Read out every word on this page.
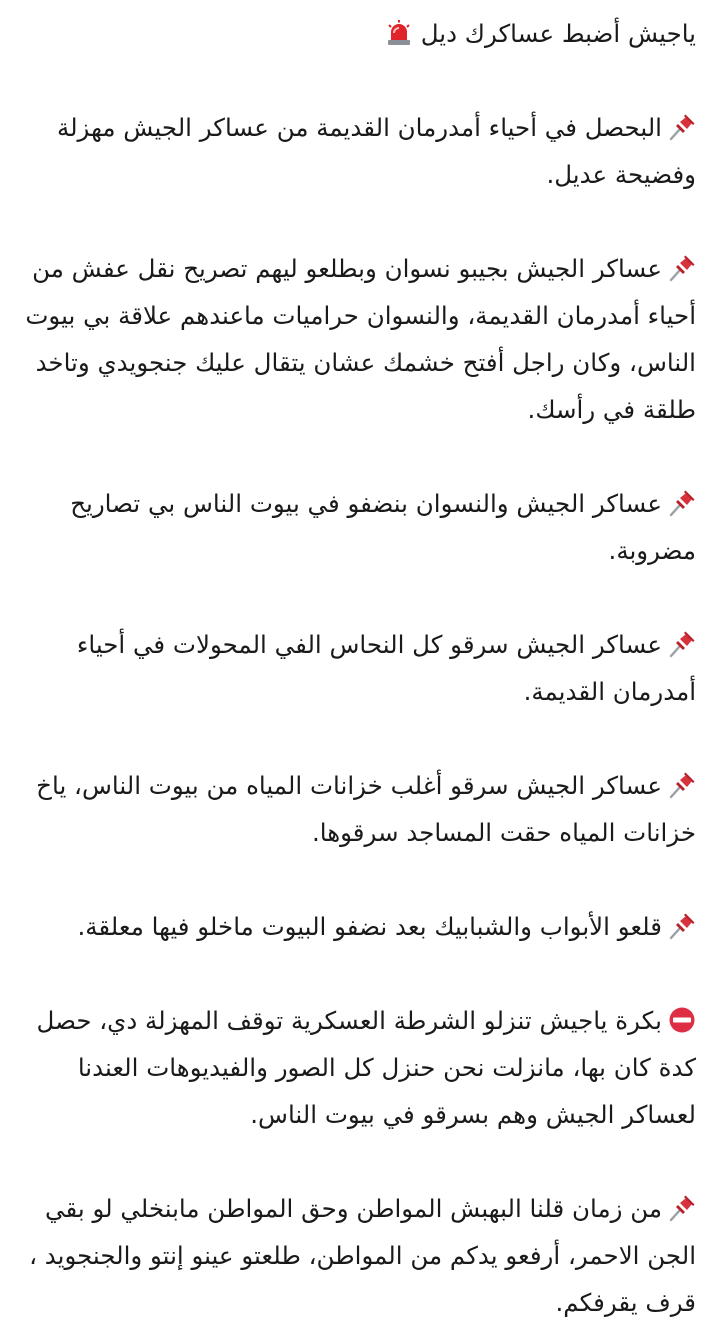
ياجيش أضبط عساكرك ديل
البحصل في أحياء أمدرمان القديمة من عساكر الجيش مهزلة وفضيحة عديل.
عساكر الجيش بجيبو نسوان وبطلعو ليهم تصريح نقل عفش من أحياء أمدرمان القديمة، والنسوان حراميات ماعندهم علاقة بي بيوت الناس، وكان راجل أفتح خشمك عشان يتقال عليك جنجويدي وتاخد طلقة في رأسك.
عساكر الجيش والنسوان بنضفو في بيوت الناس بي تصاريح مضروبة.
عساكر الجيش سرقو كل النحاس الفي المحولات في أحياء أمدرمان القديمة.
عساكر الجيش سرقو أغلب خزانات المياه من بيوت الناس، ياخ خزانات المياه حقت المساجد سرقوها.
قلعو الأبواب والشبابيك بعد نضفو البيوت ماخلو فيها معلقة.
بكرة ياجيش تنزلو الشرطة العسكرية توقف المهزلة دي، حصل كدة كان بها، مانزلت نحن حنزل كل الصور والفيديوهات العندنا لعساكر الجيش وهم بسرقو في بيوت الناس.
من زمان قلنا البهبش المواطن وحق المواطن مابنخلي لو بقي الجن الاحمر، أرفعو يدكم من المواطن، طلعتو عينو إنتو والجنجويد ، قرف يقرفكم.
